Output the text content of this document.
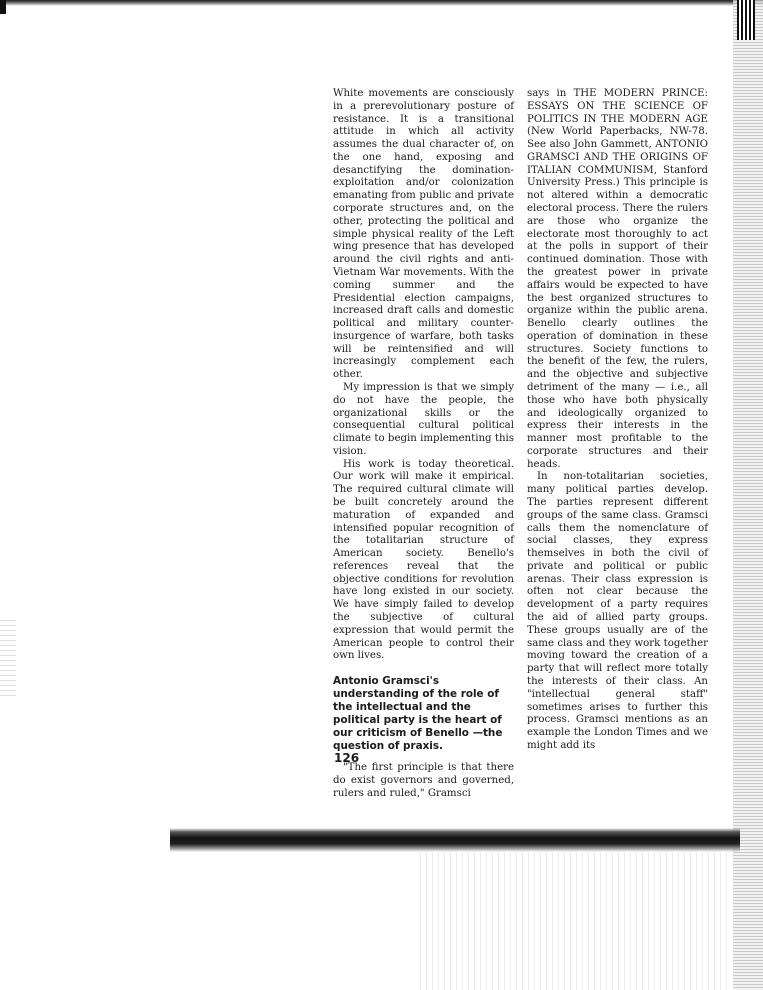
White movements are consciously in a prerevolutionary posture of resistance. It is a transitional attitude in which all activity assumes the dual character of, on the one hand, exposing and desanctifying the domination-exploitation and/or colonization emanating from public and private corporate structures and, on the other, protecting the political and simple physical reality of the Left wing presence that has developed around the civil rights and anti-Vietnam War movements. With the coming summer and the Presidential election campaigns, increased draft calls and domestic political and military counter-insurgence of warfare, both tasks will be reintensified and will increasingly complement each other.

My impression is that we simply do not have the people, the organizational skills or the consequential cultural political climate to begin implementing this vision.

His work is today theoretical. Our work will make it empirical. The required cultural climate will be built concretely around the maturation of expanded and intensified popular recognition of the totalitarian structure of American society. Benello's references reveal that the objective conditions for revolution have long existed in our society. We have simply failed to develop the subjective of cultural expression that would permit the American people to control their own lives.

Antonio Gramsci's understanding of the role of the intellectual and the political party is the heart of our criticism of Benello —the question of praxis.

"The first principle is that there do exist governors and governed, rulers and ruled," Gramsci

says in THE MODERN PRINCE: ESSAYS ON THE SCIENCE OF POLITICS IN THE MODERN AGE (New World Paperbacks, NW-78. See also John Gammett, ANTONIO GRAMSCI AND THE ORIGINS OF ITALIAN COMMUNISM, Stanford University Press.) This principle is not altered within a democratic electoral process. There the rulers are those who organize the electorate most thoroughly to act at the polls in support of their continued domination. Those with the greatest power in private affairs would be expected to have the best organized structures to organize within the public arena. Benello clearly outlines the operation of domination in these structures. Society functions to the benefit of the few, the rulers, and the objective and subjective detriment of the many — i.e., all those who have both physically and ideologically organized to express their interests in the manner most profitable to the corporate structures and their heads.

In non-totalitarian societies, many political parties develop. The parties represent different groups of the same class. Gramsci calls them the nomenclature of social classes, they express themselves in both the civil of private and political or public arenas. Their class expression is often not clear because the development of a party requires the aid of allied party groups. These groups usually are of the same class and they work together moving toward the creation of a party that will reflect more totally the interests of their class. An "intellectual general staff" sometimes arises to further this process. Gramsci mentions as an example the London Times and we might add its

126
